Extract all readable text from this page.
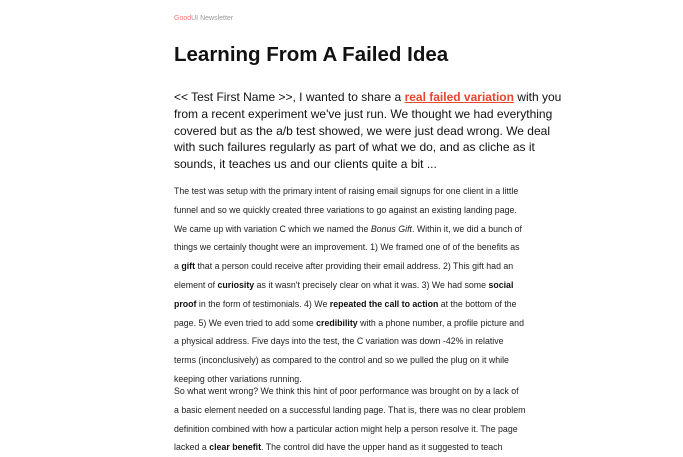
GoodUI Newsletter
Learning From A Failed Idea
<< Test First Name >>, I wanted to share a real failed variation with you
from a recent experiment we've just run. We thought we had everything
covered but as the a/b test showed, we were just dead wrong. We deal
with such failures regularly as part of what we do, and as cliche as it
sounds, it teaches us and our clients quite a bit ...
The test was setup with the primary intent of raising email signups for one client in a little
funnel and so we quickly created three variations to go against an existing landing page.
We came up with variation C which we named the Bonus Gift. Within it, we did a bunch of
things we certainly thought were an improvement. 1) We framed one of of the benefits as
a gift that a person could receive after providing their email address. 2) This gift had an
element of curiosity as it wasn't precisely clear on what it was. 3) We had some social
proof in the form of testimonials. 4) We repeated the call to action at the bottom of the
page. 5) We even tried to add some credibility with a phone number, a profile picture and
a physical address. Five days into the test, the C variation was down -42% in relative
terms (inconclusively) as compared to the control and so we pulled the plug on it while
keeping other variations running.
So what went wrong? We think this hint of poor performance was brought on by a lack of
a basic element needed on a successful landing page. That is, there was no clear problem
definition combined with how a particular action might help a person resolve it. The page
lacked a clear benefit. The control did have the upper hand as it suggested to teach
